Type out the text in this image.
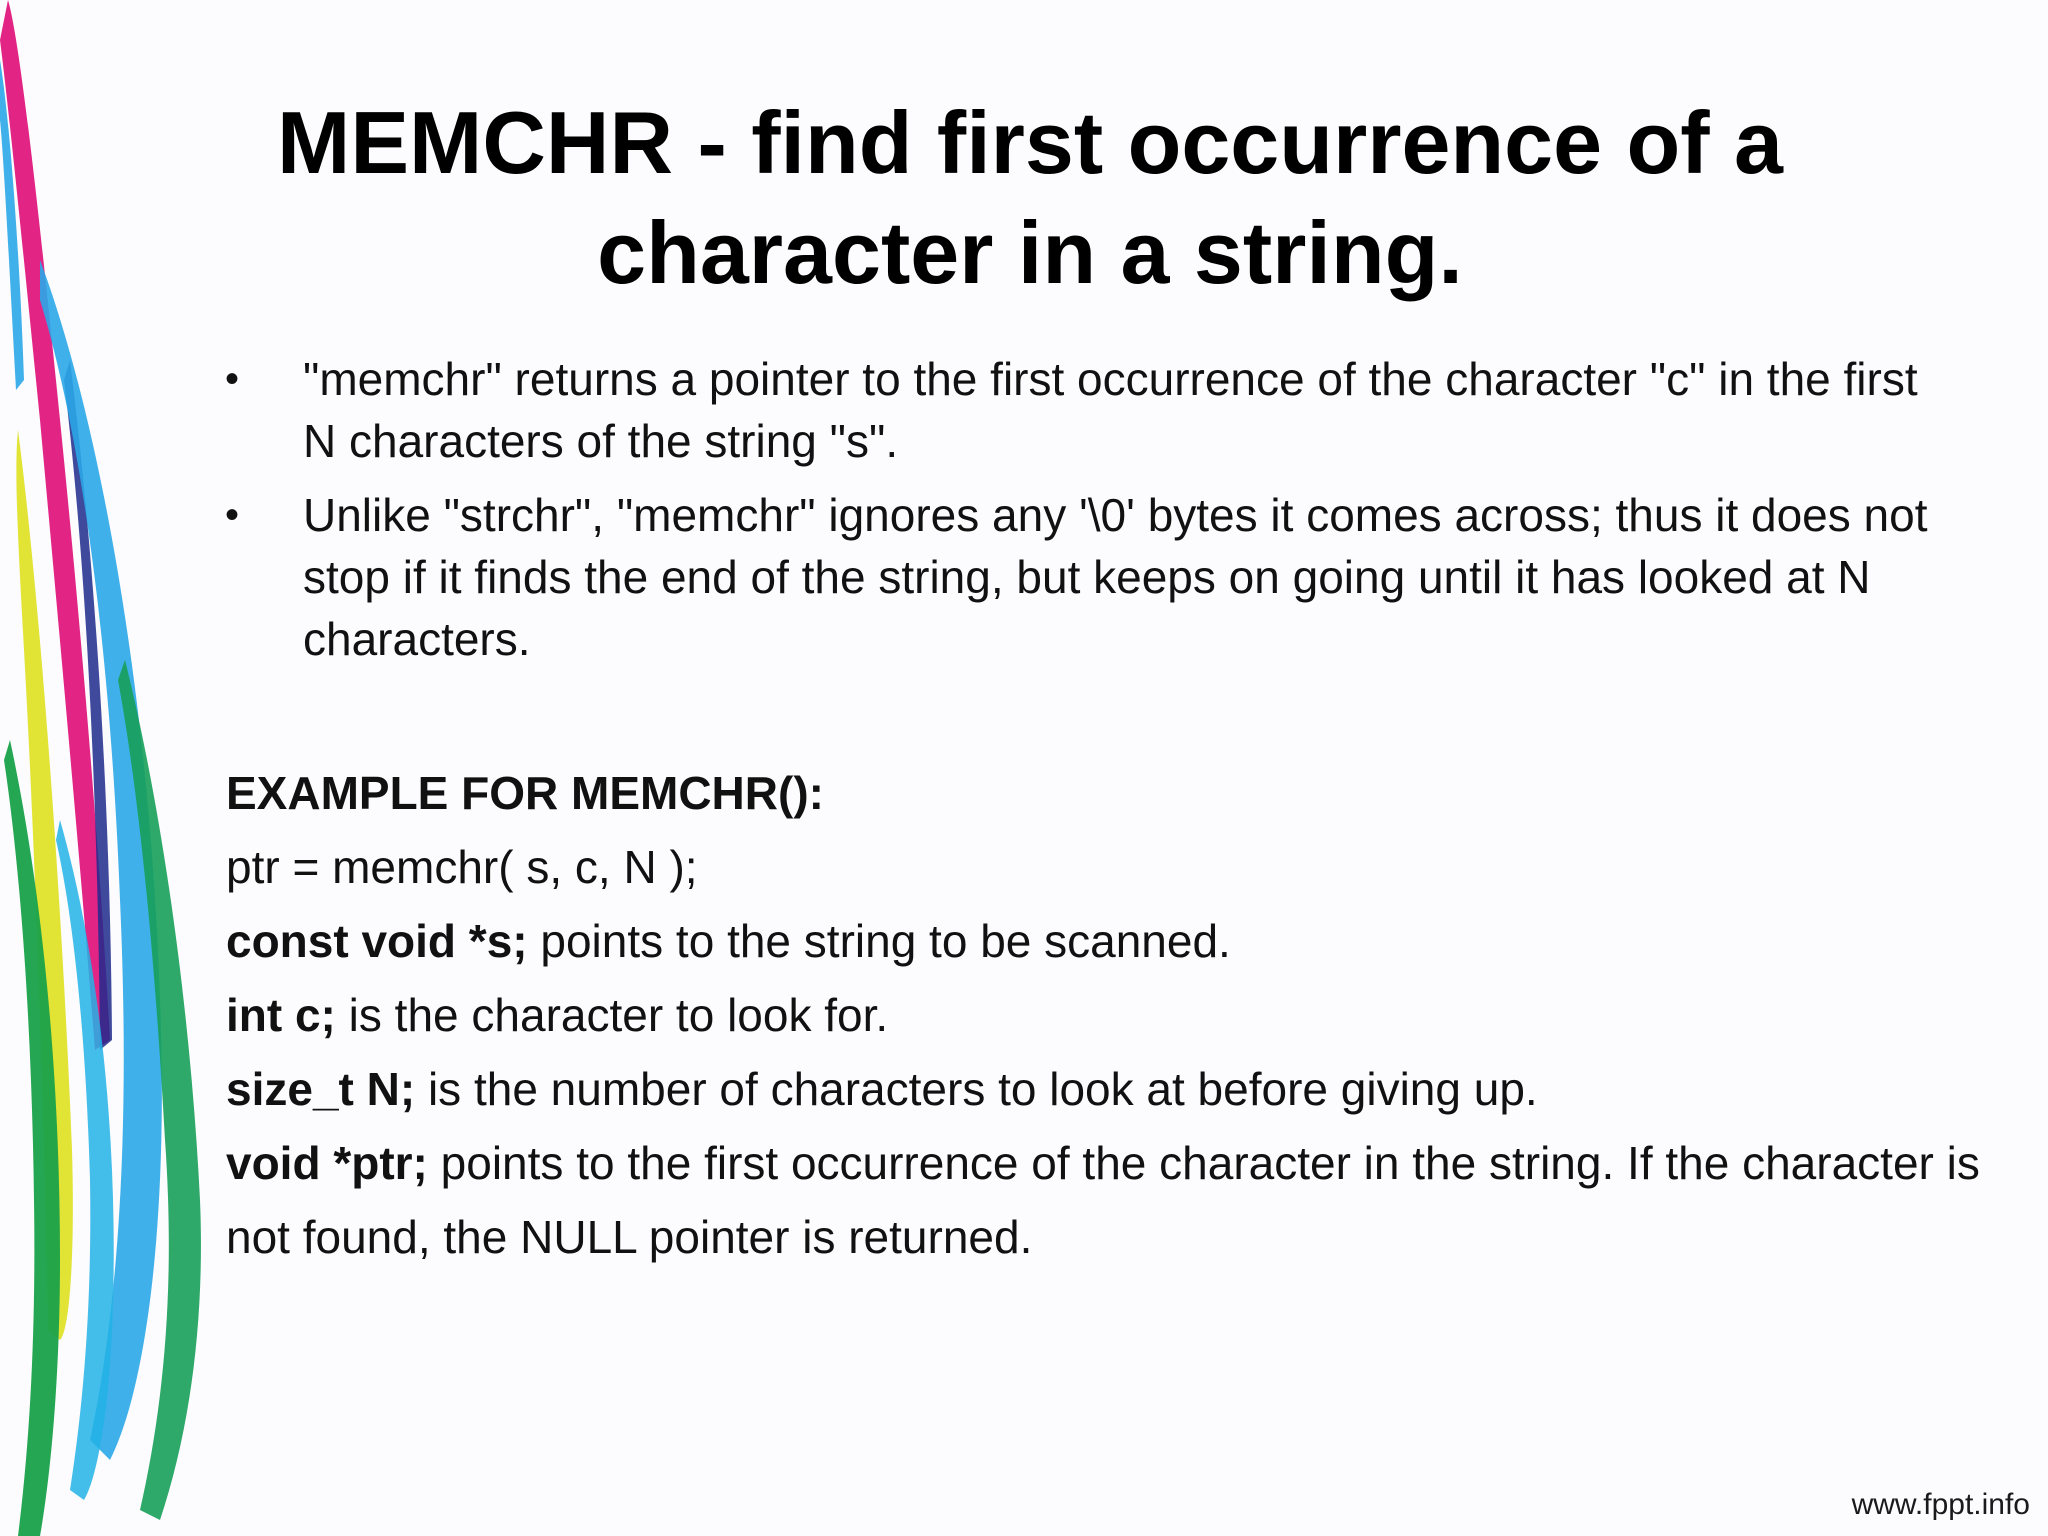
MEMCHR - find first occurrence of a character in a string.
• "memchr" returns a pointer to the first occurrence of the character "c" in the first N characters of the string "s".
• Unlike "strchr", "memchr" ignores any '\0' bytes it comes across; thus it does not stop if it finds the end of the string, but keeps on going until it has looked at N characters.
EXAMPLE FOR MEMCHR():
ptr = memchr( s, c, N );
const void *s; points to the string to be scanned.
int c; is the character to look for.
size_t N; is the number of characters to look at before giving up.
void *ptr; points to the first occurrence of the character in the string. If the character is not found, the NULL pointer is returned.
www.fppt.info
